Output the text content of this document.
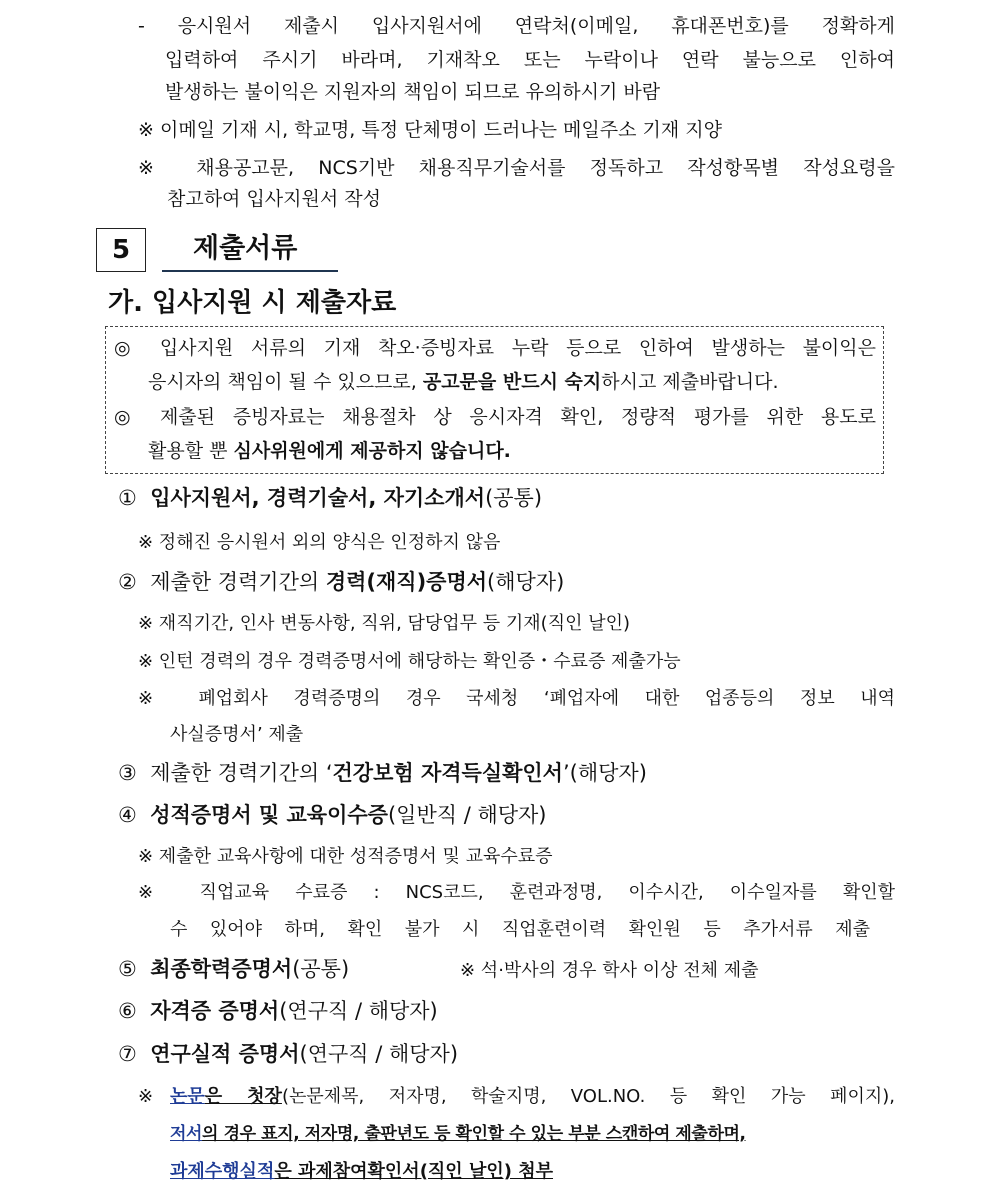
- 응시원서 제출시 입사지원서에 연락처(이메일, 휴대폰번호)를 정확하게
입력하여 주시기 바라며, 기재착오 또는 누락이나 연락 불능으로 인하여
발생하는 불이익은 지원자의 책임이 되므로 유의하시기 바람
※ 이메일 기재 시, 학교명, 특정 단체명이 드러나는 메일주소 기재 지양
※ 채용공고문, NCS기반 채용직무기술서를 정독하고 작성항목별 작성요령을
참고하여 입사지원서 작성
5	제출서류
가. 입사지원 시 제출자료
◎ 입사지원 서류의 기재 착오·증빙자료 누락 등으로 인하여 발생하는 불이익은
응시자의 책임이 될 수 있으므로, 공고문을 반드시 숙지하시고 제출바랍니다.
◎ 제출된 증빙자료는 채용절차 상 응시자격 확인, 정량적 평가를 위한 용도로
활용할 뿐 심사위원에게 제공하지 않습니다.
① 입사지원서, 경력기술서, 자기소개서(공통)
※ 정해진 응시원서 외의 양식은 인정하지 않음
② 제출한 경력기간의 경력(재직)증명서(해당자)
※ 재직기간, 인사 변동사항, 직위, 담당업무 등 기재(직인 날인)
※ 인턴 경력의 경우 경력증명서에 해당하는 확인증・수료증 제출가능
※ 폐업회사 경력증명의 경우 국세청 ‘폐업자에 대한 업종등의 정보 내역
사실증명서’ 제출
③ 제출한 경력기간의 ‘건강보험 자격득실확인서’(해당자)
④ 성적증명서 및 교육이수증(일반직 / 해당자)
※ 제출한 교육사항에 대한 성적증명서 및 교육수료증
※ 직업교육 수료증 : NCS코드, 훈련과정명, 이수시간, 이수일자를 확인할
수 있어야 하며, 확인 불가 시 직업훈련이력 확인원 등 추가서류 제출
⑤ 최종학력증명서(공통)	※ 석·박사의 경우 학사 이상 전체 제출
⑥ 자격증 증명서(연구직 / 해당자)
⑦ 연구실적 증명서(연구직 / 해당자)
※ 논문은 첫장(논문제목, 저자명, 학술지명, VOL.NO. 등 확인 가능 페이지),
저서의 경우 표지, 저자명, 출판년도 등 확인할 수 있는 부분 스캔하여 제출하며,
과제수행실적은 과제참여확인서(직인 날인) 첨부
